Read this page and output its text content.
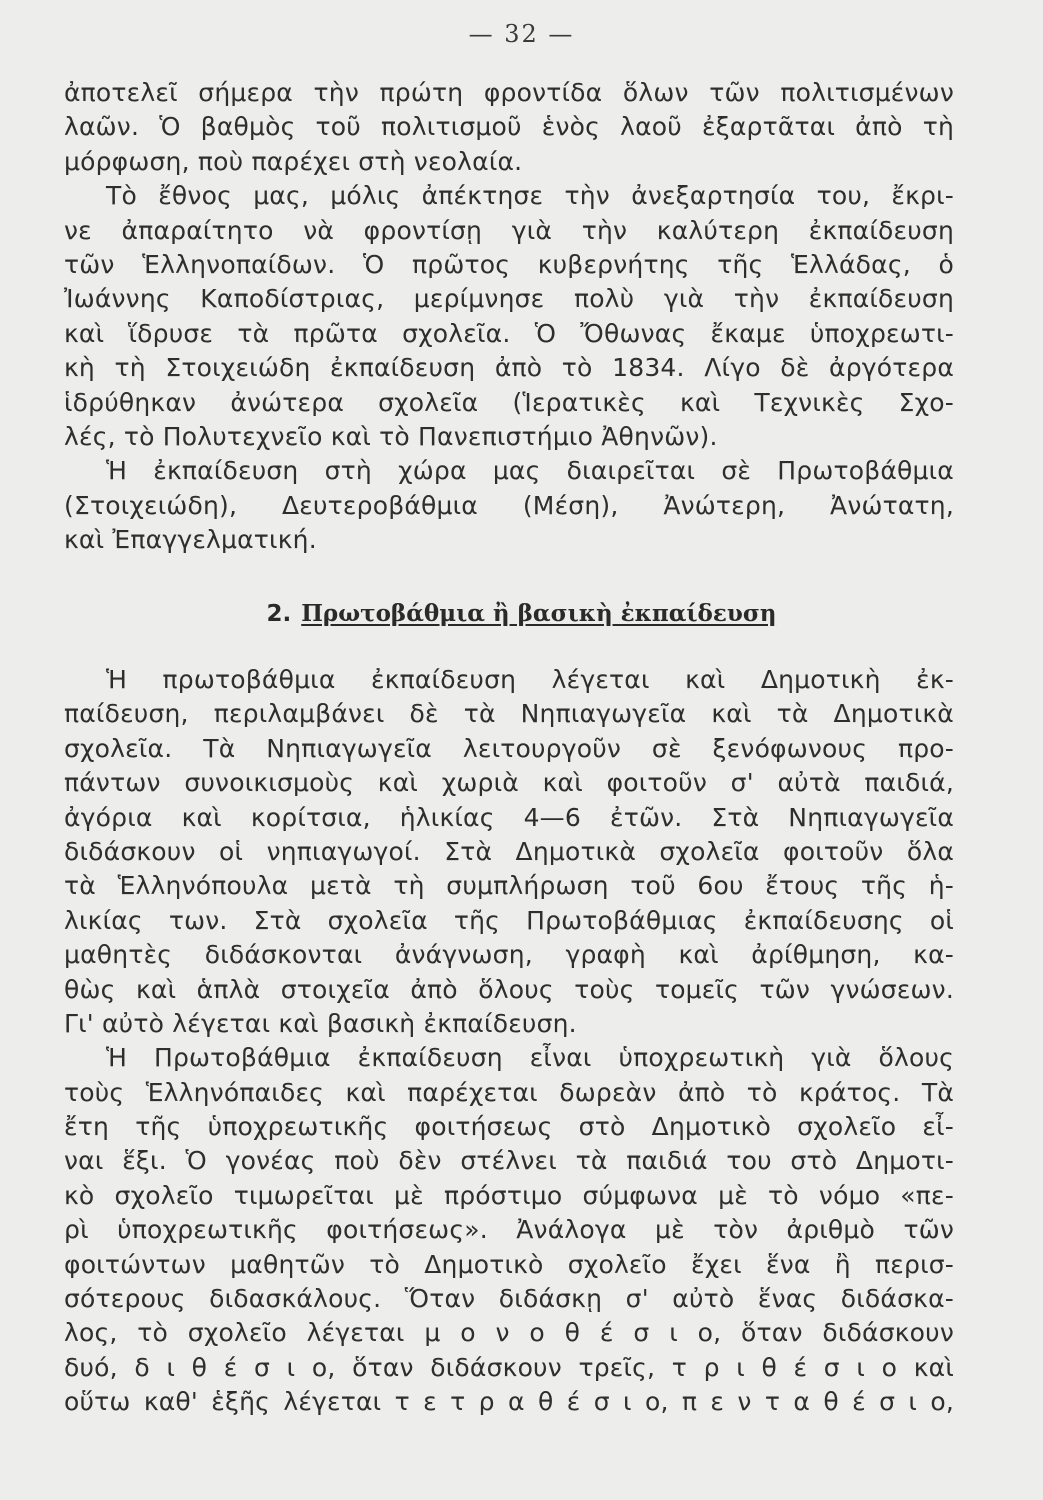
— 32 —
ἀποτελεῖ σήμερα τὴν πρώτη φροντίδα ὅλων τῶν πολιτισμένων
λαῶν. Ὁ βαθμὸς τοῦ πολιτισμοῦ ἑνὸς λαοῦ ἐξαρτᾶται ἀπὸ τὴ
μόρφωση, ποὺ παρέχει στὴ νεολαία.
Τὸ ἔθνος μας, μόλις ἀπέκτησε τὴν ἀνεξαρτησία του, ἔκρι-
νε ἀπαραίτητο νὰ φροντίσῃ γιὰ τὴν καλύτερη ἐκπαίδευση
τῶν Ἑλληνοπαίδων. Ὁ πρῶτος κυβερνήτης τῆς Ἑλλάδας, ὁ
Ἰωάννης Καποδίστριας, μερίμνησε πολὺ γιὰ τὴν ἐκπαίδευση
καὶ ἵδρυσε τὰ πρῶτα σχολεῖα. Ὁ Ὄθωνας ἔκαμε ὑποχρεωτι-
κὴ τὴ Στοιχειώδη ἐκπαίδευση ἀπὸ τὸ 1834. Λίγο δὲ ἀργότερα
ἱδρύθηκαν ἀνώτερα σχολεῖα (Ἱερατικὲς καὶ Τεχνικὲς Σχο-
λές, τὸ Πολυτεχνεῖο καὶ τὸ Πανεπιστήμιο Ἀθηνῶν).
Ἡ ἐκπαίδευση στὴ χώρα μας διαιρεῖται σὲ Πρωτοβάθμια
(Στοιχειώδη), Δευτεροβάθμια (Μέση), Ἀνώτερη, Ἀνώτατη,
καὶ Ἐπαγγελματική.
2. Πρωτοβάθμια ἢ βασικὴ ἐκπαίδευση
Ἡ πρωτοβάθμια ἐκπαίδευση λέγεται καὶ Δημοτικὴ ἐκ-
παίδευση, περιλαμβάνει δὲ τὰ Νηπιαγωγεῖα καὶ τὰ Δημοτικὰ
σχολεῖα. Τὰ Νηπιαγωγεῖα λειτουργοῦν σὲ ξενόφωνους προ-
πάντων συνοικισμοὺς καὶ χωριὰ καὶ φοιτοῦν σ' αὐτὰ παιδιά,
ἀγόρια καὶ κορίτσια, ἡλικίας 4—6 ἐτῶν. Στὰ Νηπιαγωγεῖα
διδάσκουν οἱ νηπιαγωγοί. Στὰ Δημοτικὰ σχολεῖα φοιτοῦν ὅλα
τὰ Ἑλληνόπουλα μετὰ τὴ συμπλήρωση τοῦ 6ου ἔτους τῆς ἡ-
λικίας των. Στὰ σχολεῖα τῆς Πρωτοβάθμιας ἐκπαίδευσης οἱ
μαθητὲς διδάσκονται ἀνάγνωση, γραφὴ καὶ ἀρίθμηση, κα-
θὼς καὶ ἁπλὰ στοιχεῖα ἀπὸ ὅλους τοὺς τομεῖς τῶν γνώσεων.
Γι' αὐτὸ λέγεται καὶ βασικὴ ἐκπαίδευση.
Ἡ Πρωτοβάθμια ἐκπαίδευση εἶναι ὑποχρεωτικὴ γιὰ ὅλους
τοὺς Ἑλληνόπαιδες καὶ παρέχεται δωρεὰν ἀπὸ τὸ κράτος. Τὰ
ἔτη τῆς ὑποχρεωτικῆς φοιτήσεως στὸ Δημοτικὸ σχολεῖο εἶ-
ναι ἕξι. Ὁ γονέας ποὺ δὲν στέλνει τὰ παιδιά του στὸ Δημοτι-
κὸ σχολεῖο τιμωρεῖται μὲ πρόστιμο σύμφωνα μὲ τὸ νόμο «πε-
ρὶ ὑποχρεωτικῆς φοιτήσεως». Ἀνάλογα μὲ τὸν ἀριθμὸ τῶν
φοιτώντων μαθητῶν τὸ Δημοτικὸ σχολεῖο ἔχει ἕνα ἢ περισ-
σότερους διδασκάλους. Ὅταν διδάσκῃ σ' αὐτὸ ἕνας διδάσκα-
λος, τὸ σχολεῖο λέγεται μ ο ν ο θ έ σ ι ο, ὅταν διδάσκουν
δυό, δ ι θ έ σ ι ο, ὅταν διδάσκουν τρεῖς, τ ρ ι θ έ σ ι ο καὶ
οὕτω καθ' ἑξῆς λέγεται τ ε τ ρ α θ έ σ ι ο, π ε ν τ α θ έ σ ι ο,
